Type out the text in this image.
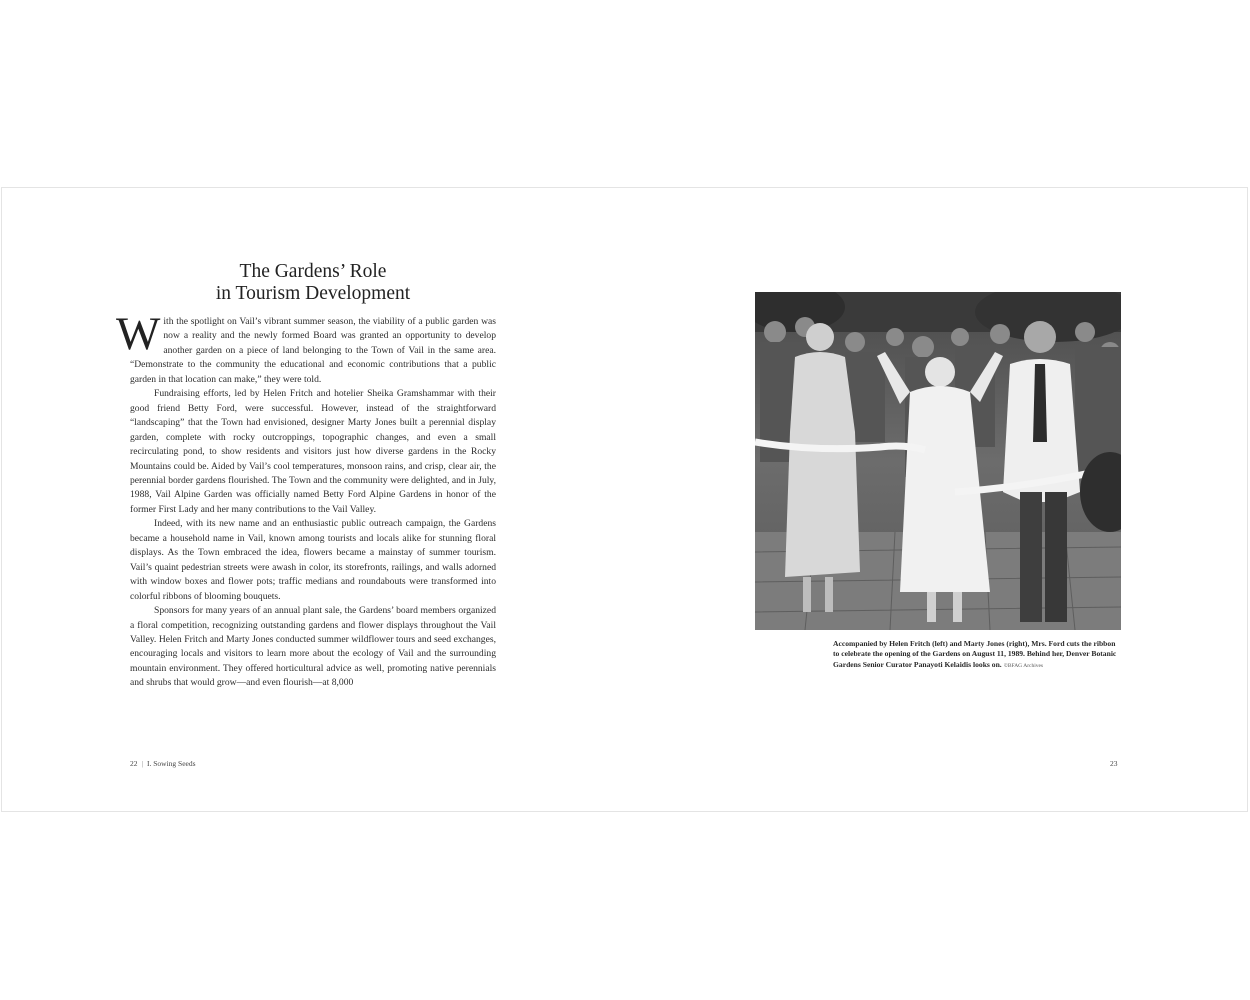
The Gardens’ Role
in Tourism Development

With the spotlight on Vail’s vibrant summer season, the viability of a public garden was now a reality and the newly formed Board was granted an opportunity to develop another garden on a piece of land belonging to the Town of Vail in the same area. “Demonstrate to the community the educational and economic contributions that a public garden in that location can make,” they were told.

Fundraising efforts, led by Helen Fritch and hotelier Sheika Gramshammar with their good friend Betty Ford, were successful. However, instead of the straightforward “landscaping” that the Town had envisioned, designer Marty Jones built a perennial display garden, complete with rocky outcroppings, topographic changes, and even a small recirculating pond, to show residents and visitors just how diverse gardens in the Rocky Mountains could be. Aided by Vail’s cool temperatures, monsoon rains, and crisp, clear air, the perennial border gardens flourished. The Town and the community were delighted, and in July, 1988, Vail Alpine Garden was officially named Betty Ford Alpine Gardens in honor of the former First Lady and her many contributions to the Vail Valley.

Indeed, with its new name and an enthusiastic public outreach campaign, the Gardens became a household name in Vail, known among tourists and locals alike for stunning floral displays. As the Town embraced the idea, flowers became a mainstay of summer tourism. Vail’s quaint pedestrian streets were awash in color, its storefronts, railings, and walls adorned with window boxes and flower pots; traffic medians and roundabouts were transformed into colorful ribbons of blooming bouquets.

Sponsors for many years of an annual plant sale, the Gardens’ board members organized a floral competition, recognizing outstanding gardens and flower displays throughout the Vail Valley. Helen Fritch and Marty Jones conducted summer wildflower tours and seed exchanges, encouraging locals and visitors to learn more about the ecology of Vail and the surrounding mountain environment. They offered horticultural advice as well, promoting native perennials and shrubs that would grow—and even flourish—at 8,000

22 | I. Sowing Seeds	23
Accompanied by Helen Fritch (left) and Marty Jones (right), Mrs. Ford cuts the ribbon to celebrate the opening of the Gardens on August 11, 1989. Behind her, Denver Botanic Gardens Senior Curator Panayoti Kelaidis looks on. ©BFAG Archives
